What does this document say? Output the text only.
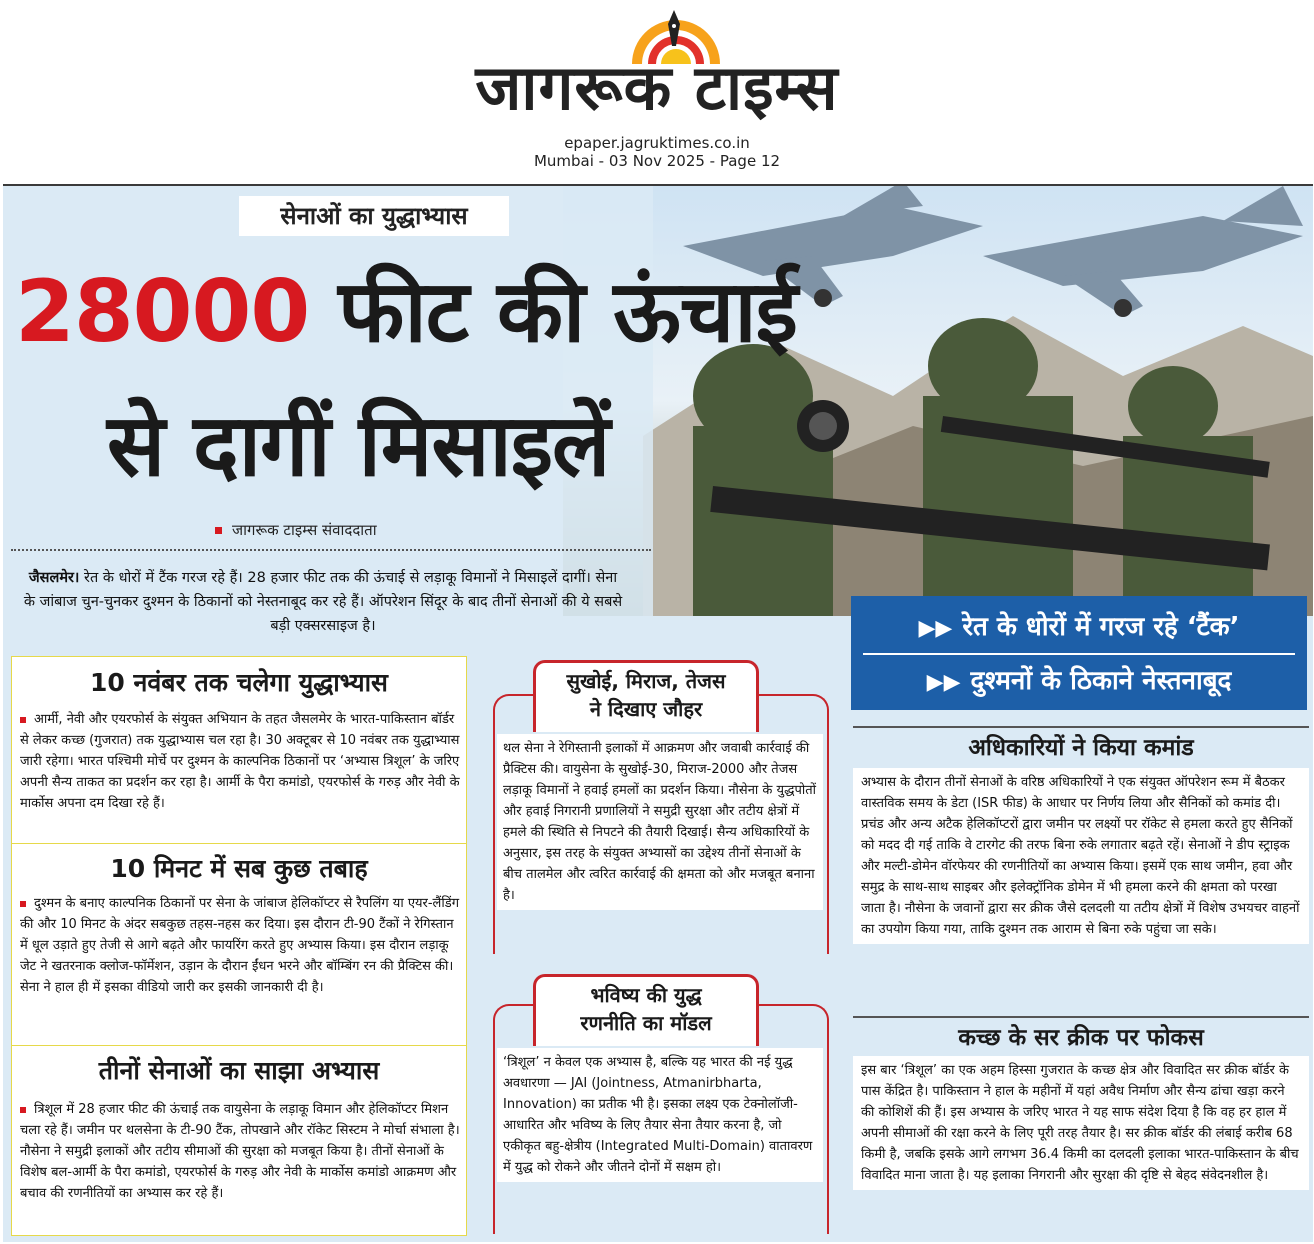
जागरूक टाइम्स
epaper.jagruktimes.co.in
Mumbai - 03 Nov 2025 - Page 12
सेनाओं का युद्धाभ्यास
28000 फीट की ऊंचाई
से दागीं मिसाइलें
जागरूक टाइम्स संवाददाता
जैसलमेर। रेत के धोरों में टैंक गरज रहे हैं। 28 हजार फीट तक की ऊंचाई से लड़ाकू विमानों ने मिसाइलें दागीं। सेना के जांबाज चुन-चुनकर दुश्मन के ठिकानों को नेस्तनाबूद कर रहे हैं। ऑपरेशन सिंदूर के बाद तीनों सेनाओं की ये सबसे बड़ी एक्सरसाइज है।	▶▶ रेत के धोरों में गरज रहे ‘टैंक’
▶▶ दुश्मनों के ठिकाने नेस्तनाबूद
10 नवंबर तक चलेगा युद्धाभ्यास
आर्मी, नेवी और एयरफोर्स के संयुक्त अभियान के तहत जैसलमेर के भारत-पाकिस्तान बॉर्डर से लेकर कच्छ (गुजरात) तक युद्धाभ्यास चल रहा है। 30 अक्टूबर से 10 नवंबर तक युद्धाभ्यास जारी रहेगा। भारत पश्चिमी मोर्चे पर दुश्मन के काल्पनिक ठिकानों पर ‘अभ्यास त्रिशूल’ के जरिए अपनी सैन्य ताकत का प्रदर्शन कर रहा है। आर्मी के पैरा कमांडो, एयरफोर्स के गरुड़ और नेवी के मार्कोस अपना दम दिखा रहे हैं।
10 मिनट में सब कुछ तबाह
दुश्मन के बनाए काल्पनिक ठिकानों पर सेना के जांबाज हेलिकॉप्टर से रैपलिंग या एयर-लैंडिंग की और 10 मिनट के अंदर सबकुछ तहस-नहस कर दिया। इस दौरान टी-90 टैंकों ने रेगिस्तान में धूल उड़ाते हुए तेजी से आगे बढ़ते और फायरिंग करते हुए अभ्यास किया। इस दौरान लड़ाकू जेट ने खतरनाक क्लोज-फॉर्मेशन, उड़ान के दौरान ईंधन भरने और बॉम्बिंग रन की प्रैक्टिस की। सेना ने हाल ही में इसका वीडियो जारी कर इसकी जानकारी दी है।
तीनों सेनाओं का साझा अभ्यास
त्रिशूल में 28 हजार फीट की ऊंचाई तक वायुसेना के लड़ाकू विमान और हेलिकॉप्टर मिशन चला रहे हैं। जमीन पर थलसेना के टी-90 टैंक, तोपखाने और रॉकेट सिस्टम ने मोर्चा संभाला है। नौसेना ने समुद्री इलाकों और तटीय सीमाओं की सुरक्षा को मजबूत किया है। तीनों सेनाओं के विशेष बल-आर्मी के पैरा कमांडो, एयरफोर्स के गरुड़ और नेवी के मार्कोस कमांडो आक्रमण और बचाव की रणनीतियों का अभ्यास कर रहे हैं।
सुखोई, मिराज, तेजस
ने दिखाए जौहर
थल सेना ने रेगिस्तानी इलाकों में आक्रमण और जवाबी कार्रवाई की प्रैक्टिस की। वायुसेना के सुखोई-30, मिराज-2000 और तेजस लड़ाकू विमानों ने हवाई हमलों का प्रदर्शन किया। नौसेना के युद्धपोतों और हवाई निगरानी प्रणालियों ने समुद्री सुरक्षा और तटीय क्षेत्रों में हमले की स्थिति से निपटने की तैयारी दिखाई। सैन्य अधिकारियों के अनुसार, इस तरह के संयुक्त अभ्यासों का उद्देश्य तीनों सेनाओं के बीच तालमेल और त्वरित कार्रवाई की क्षमता को और मजबूत बनाना है।
भविष्य की युद्ध
रणनीति का मॉडल
‘त्रिशूल’ न केवल एक अभ्यास है, बल्कि यह भारत की नई युद्ध अवधारणा — JAI (Jointness, Atmanirbharta, Innovation) का प्रतीक भी है। इसका लक्ष्य एक टेक्नोलॉजी-आधारित और भविष्य के लिए तैयार सेना तैयार करना है, जो एकीकृत बहु-क्षेत्रीय (Integrated Multi-Domain) वातावरण में युद्ध को रोकने और जीतने दोनों में सक्षम हो।
अधिकारियों ने किया कमांड
अभ्यास के दौरान तीनों सेनाओं के वरिष्ठ अधिकारियों ने एक संयुक्त ऑपरेशन रूम में बैठकर वास्तविक समय के डेटा (ISR फीड) के आधार पर निर्णय लिया और सैनिकों को कमांड दी। प्रचंड और अन्य अटैक हेलिकॉप्टरों द्वारा जमीन पर लक्ष्यों पर रॉकेट से हमला करते हुए सैनिकों को मदद दी गई ताकि वे टारगेट की तरफ बिना रुके लगातार बढ़ते रहें। सेनाओं ने डीप स्ट्राइक और मल्टी-डोमेन वॉरफेयर की रणनीतियों का अभ्यास किया। इसमें एक साथ जमीन, हवा और समुद्र के साथ-साथ साइबर और इलेक्ट्रॉनिक डोमेन में भी हमला करने की क्षमता को परखा जाता है। नौसेना के जवानों द्वारा सर क्रीक जैसे दलदली या तटीय क्षेत्रों में विशेष उभयचर वाहनों का उपयोग किया गया, ताकि दुश्मन तक आराम से बिना रुके पहुंचा जा सके।
कच्छ के सर क्रीक पर फोकस
इस बार ‘त्रिशूल’ का एक अहम हिस्सा गुजरात के कच्छ क्षेत्र और विवादित सर क्रीक बॉर्डर के पास केंद्रित है। पाकिस्तान ने हाल के महीनों में यहां अवैध निर्माण और सैन्य ढांचा खड़ा करने की कोशिशें की हैं। इस अभ्यास के जरिए भारत ने यह साफ संदेश दिया है कि वह हर हाल में अपनी सीमाओं की रक्षा करने के लिए पूरी तरह तैयार है। सर क्रीक बॉर्डर की लंबाई करीब 68 किमी है, जबकि इसके आगे लगभग 36.4 किमी का दलदली इलाका भारत-पाकिस्तान के बीच विवादित माना जाता है। यह इलाका निगरानी और सुरक्षा की दृष्टि से बेहद संवेदनशील है।
